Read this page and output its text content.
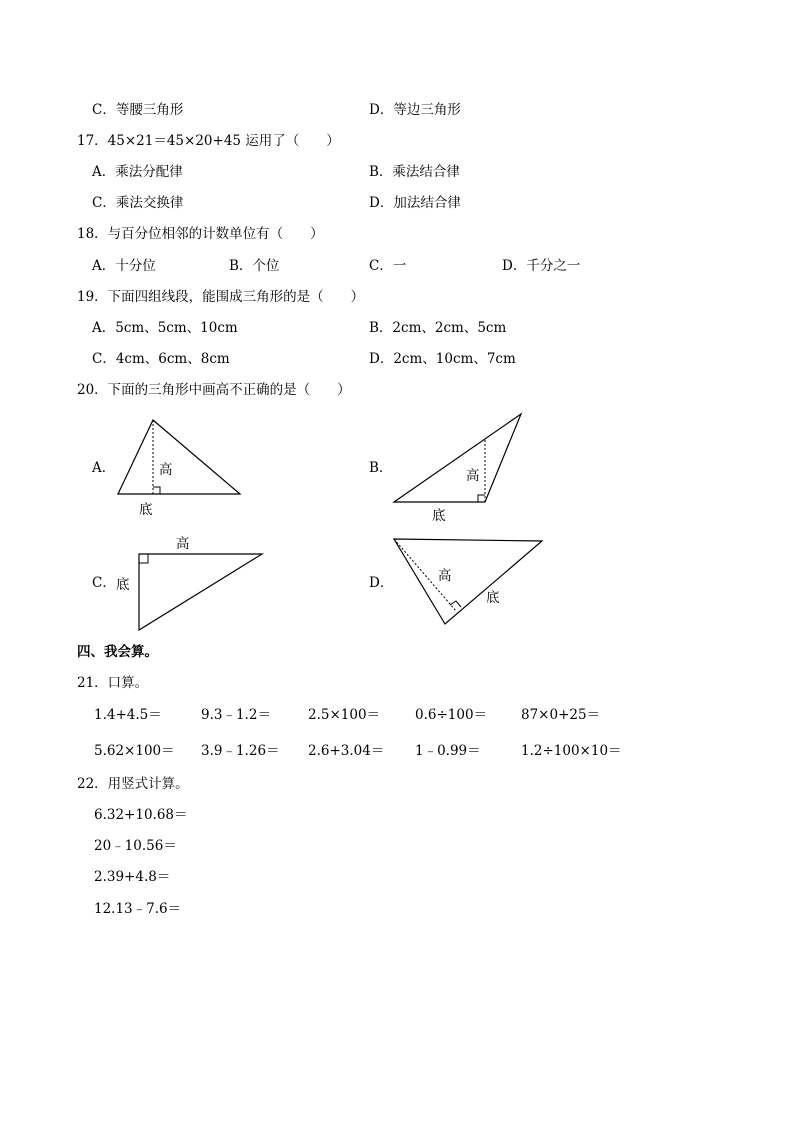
C．等腰三角形	D．等边三角形
17．45×21＝45×20+45 运用了（　　）
A．乘法分配律	B．乘法结合律
C．乘法交换律	D．加法结合律
18．与百分位相邻的计数单位有（　　）
A．十分位	B．个位	C．一	D．千分之一
19．下面四组线段，能围成三角形的是（　　）
A．5cm、5cm、10cm	B．2cm、2cm、5cm
C．4cm、6cm、8cm	D．2cm、10cm、7cm
20．下面的三角形中画高不正确的是（　　）
A．	高
底
B．	高
底
C．
高
底	D．	高
底
四、我会算。
21．口算。
1.4+4.5＝	9.3﹣1.2＝	2.5×100＝	0.6÷100＝	87×0+25＝
5.62×100＝ 3.9﹣1.26＝ 2.6+3.04＝ 1﹣0.99＝	1.2÷100×10＝
22．用竖式计算。
6.32+10.68＝
20﹣10.56＝
2.39+4.8＝
12.13﹣7.6＝
